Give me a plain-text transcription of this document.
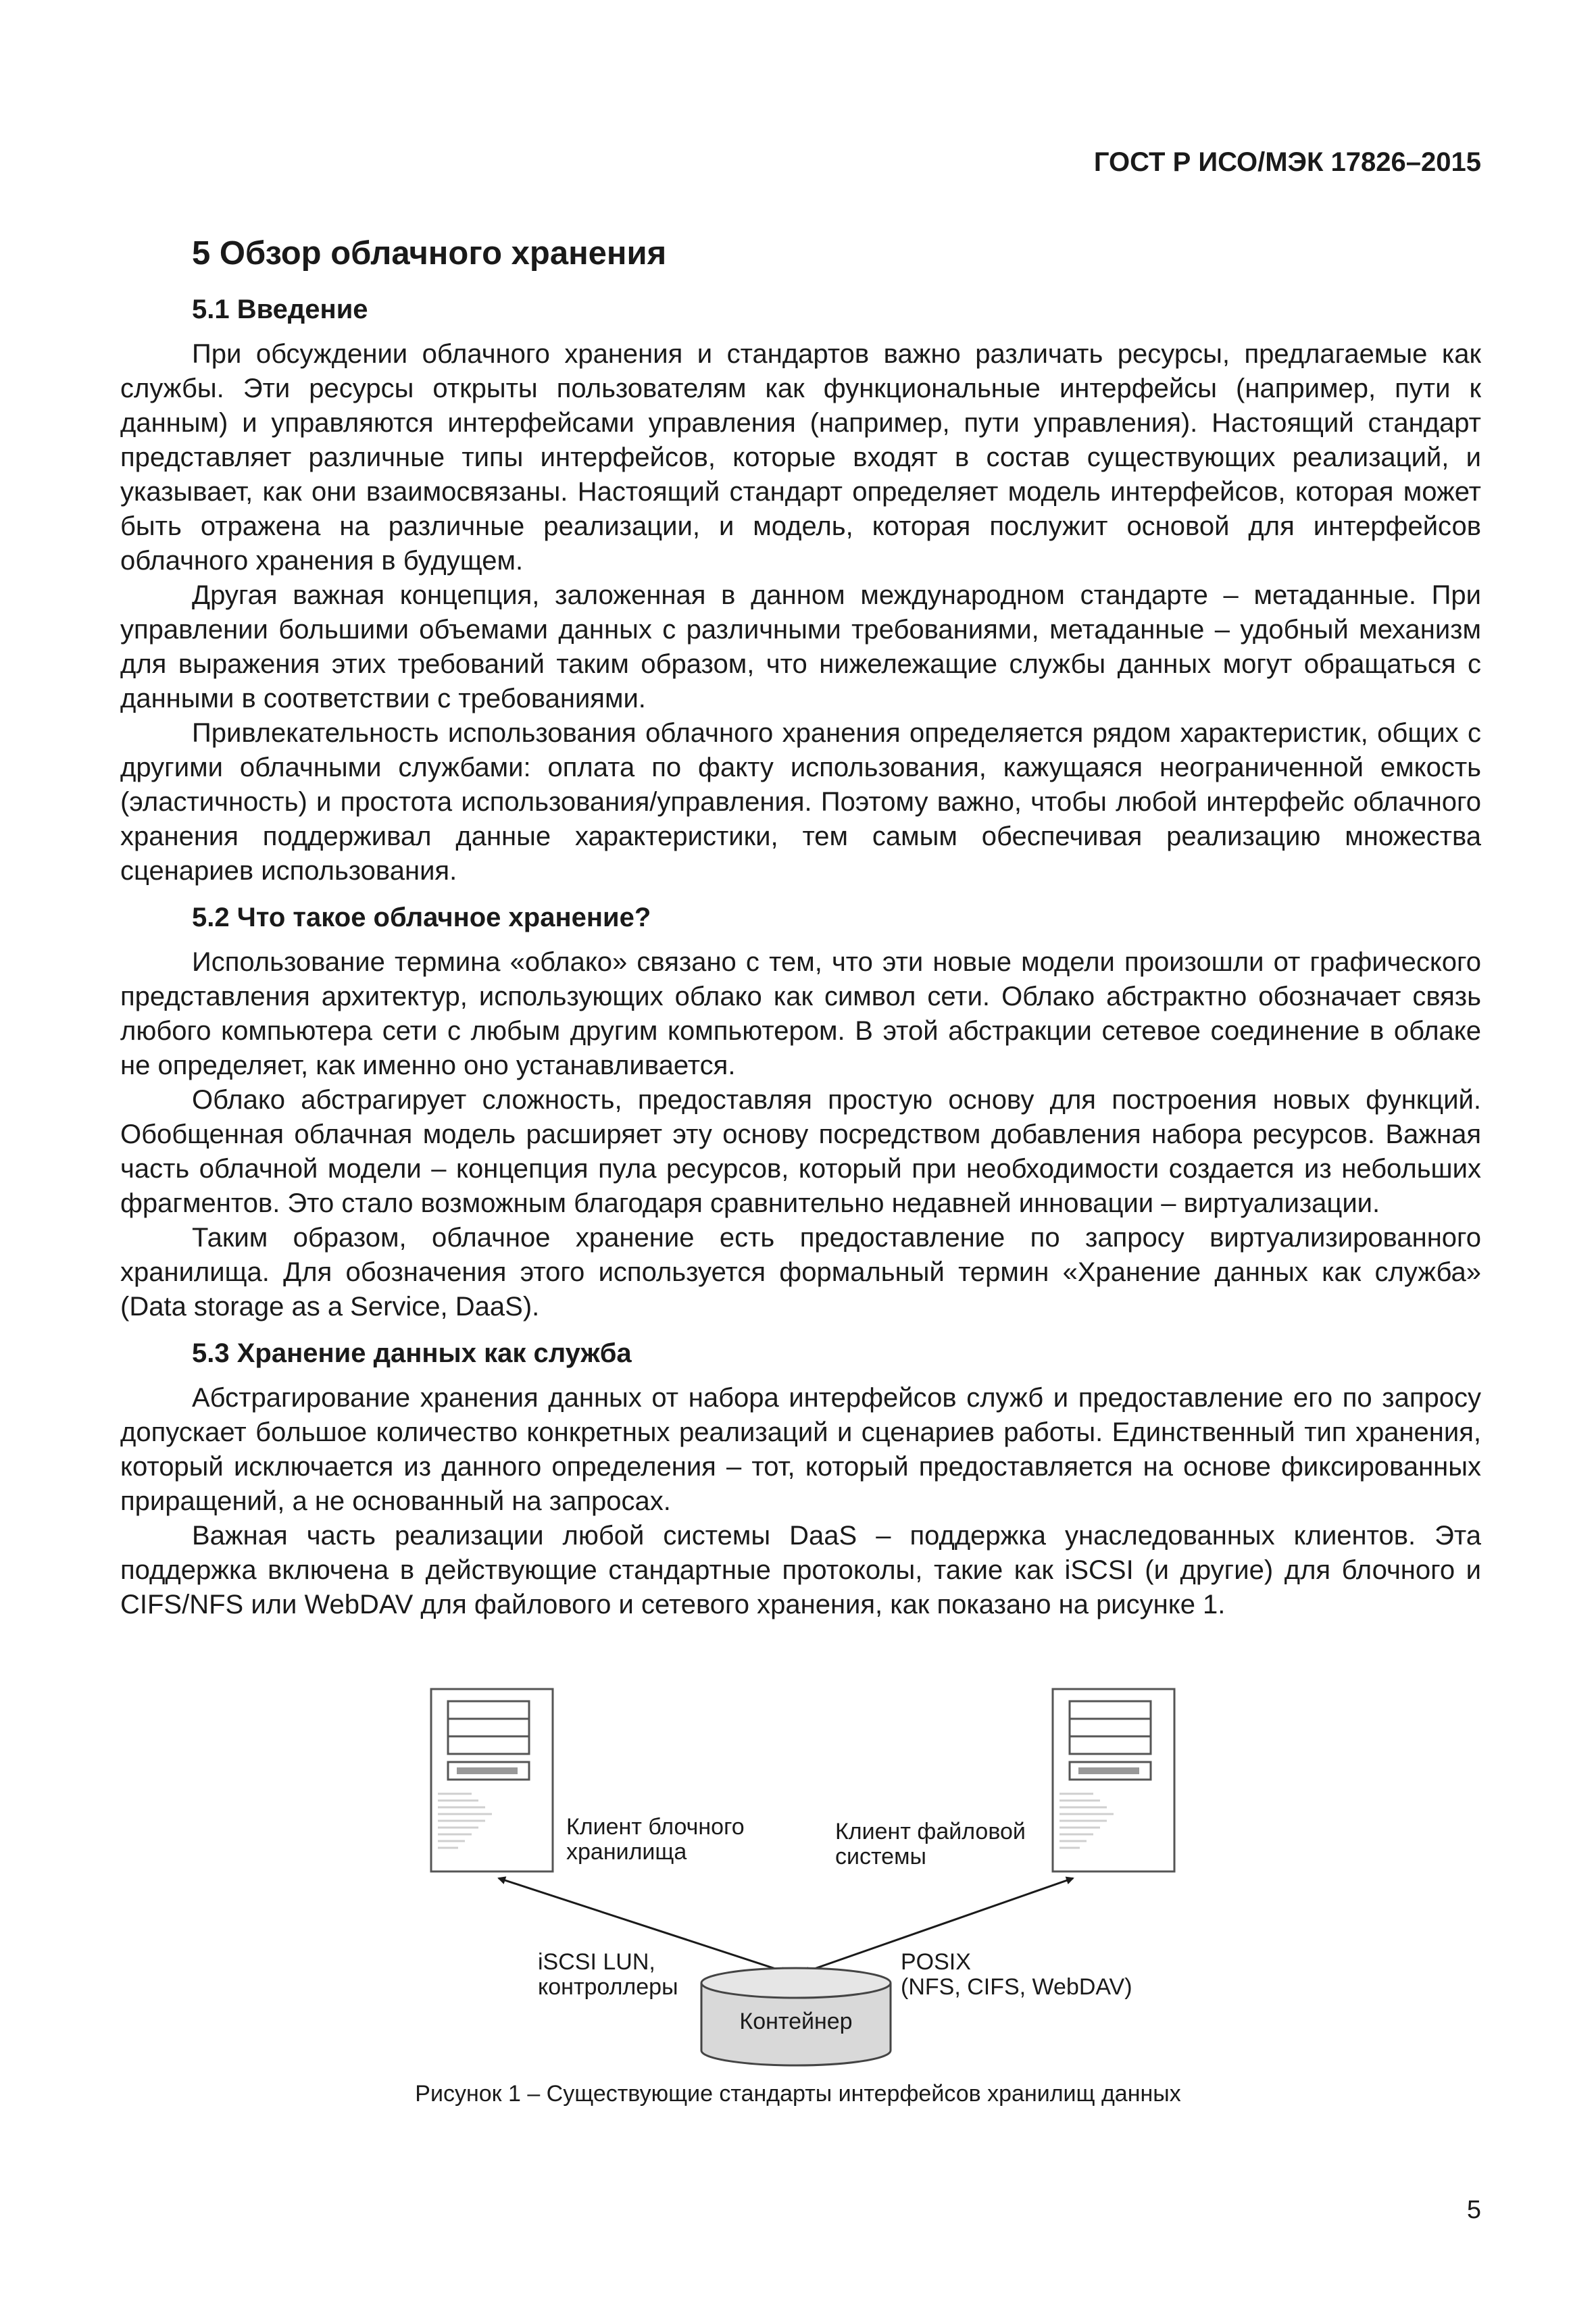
ГОСТ Р ИСО/МЭК 17826–2015
5 Обзор облачного хранения
5.1 Введение

При обсуждении облачного хранения и стандартов важно различать ресурсы, предлагаемые как службы. Эти ресурсы открыты пользователям как функциональные интерфейсы (например, пути к данным) и управляются интерфейсами управления (например, пути управления). Настоящий стандарт представляет различные типы интерфейсов, которые входят в состав существующих реализаций, и указывает, как они взаимосвязаны. Настоящий стандарт определяет модель интерфейсов, которая может быть отражена на различные реализации, и модель, которая послужит основой для интерфейсов облачного хранения в будущем.

Другая важная концепция, заложенная в данном международном стандарте – метаданные. При управлении большими объемами данных с различными требованиями, метаданные – удобный механизм для выражения этих требований таким образом, что нижележащие службы данных могут обращаться с данными в соответствии с требованиями.

Привлекательность использования облачного хранения определяется рядом характеристик, общих с другими облачными службами: оплата по факту использования, кажущаяся неограниченной емкость (эластичность) и простота использования/управления. Поэтому важно, чтобы любой интерфейс облачного хранения поддерживал данные характеристики, тем самым обеспечивая реализацию множества сценариев использования.

5.2 Что такое облачное хранение?

Использование термина «облако» связано с тем, что эти новые модели произошли от графического представления архитектур, использующих облако как символ сети. Облако абстрактно обозначает связь любого компьютера сети с любым другим компьютером. В этой абстракции сетевое соединение в облаке не определяет, как именно оно устанавливается.

Облако абстрагирует сложность, предоставляя простую основу для построения новых функций. Обобщенная облачная модель расширяет эту основу посредством добавления набора ресурсов. Важная часть облачной модели – концепция пула ресурсов, который при необходимости создается из небольших фрагментов. Это стало возможным благодаря сравнительно недавней инновации – виртуализации.

Таким образом, облачное хранение есть предоставление по запросу виртуализированного хранилища. Для обозначения этого используется формальный термин «Хранение данных как служба» (Data storage as a Service, DaaS).

5.3 Хранение данных как служба

Абстрагирование хранения данных от набора интерфейсов служб и предоставление его по запросу допускает большое количество конкретных реализаций и сценариев работы. Единственный тип хранения, который исключается из данного определения – тот, который предоставляется на основе фиксированных приращений, а не основанный на запросах.

Важная часть реализации любой системы DaaS – поддержка унаследованных клиентов. Эта поддержка включена в действующие стандартные протоколы, такие как iSCSI (и другие) для блочного и CIFS/NFS или WebDAV для файлового и сетевого хранения, как показано на рисунке 1.

Клиент блочного
хранилища
Клиент файловой
системы
iSCSI LUN,
контроллеры
POSIX
(NFS, CIFS, WebDAV)
Контейнер
Рисунок 1 – Существующие стандарты интерфейсов хранилищ данных
5
